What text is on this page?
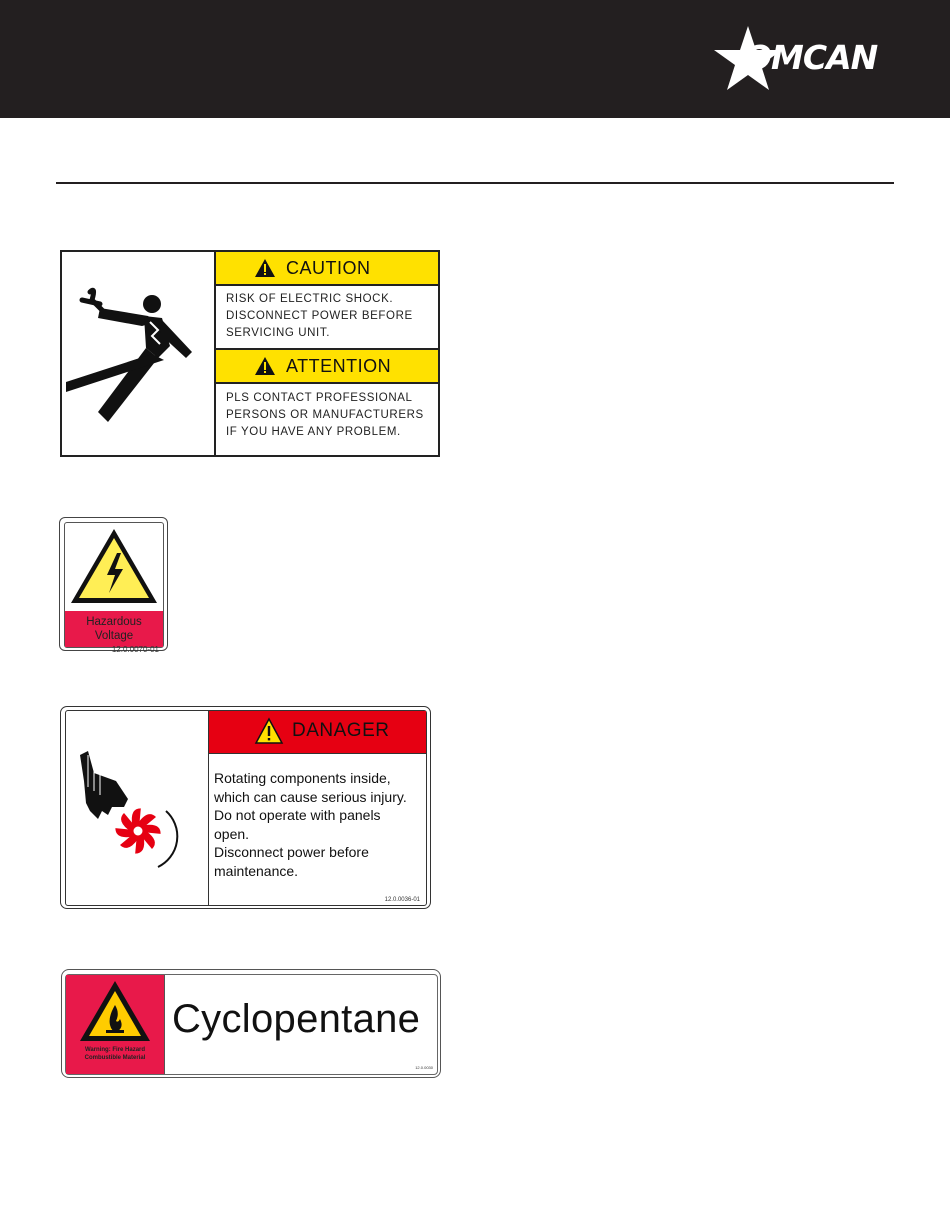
OMCAN
CAUTION
RISK OF ELECTRIC SHOCK.
DISCONNECT POWER BEFORE
SERVICING UNIT.
ATTENTION
PLS CONTACT PROFESSIONAL
PERSONS OR MANUFACTURERS
IF YOU HAVE ANY PROBLEM.
Hazardous
Voltage
12.0.0070-01
DANAGER
Rotating components inside,
which can cause serious injury.
Do not operate with panels
open.
Disconnect power before
maintenance.
12.0.0036-01
Warning: Fire Hazard
Combustible Material
Cyclopentane
12.0.0030
